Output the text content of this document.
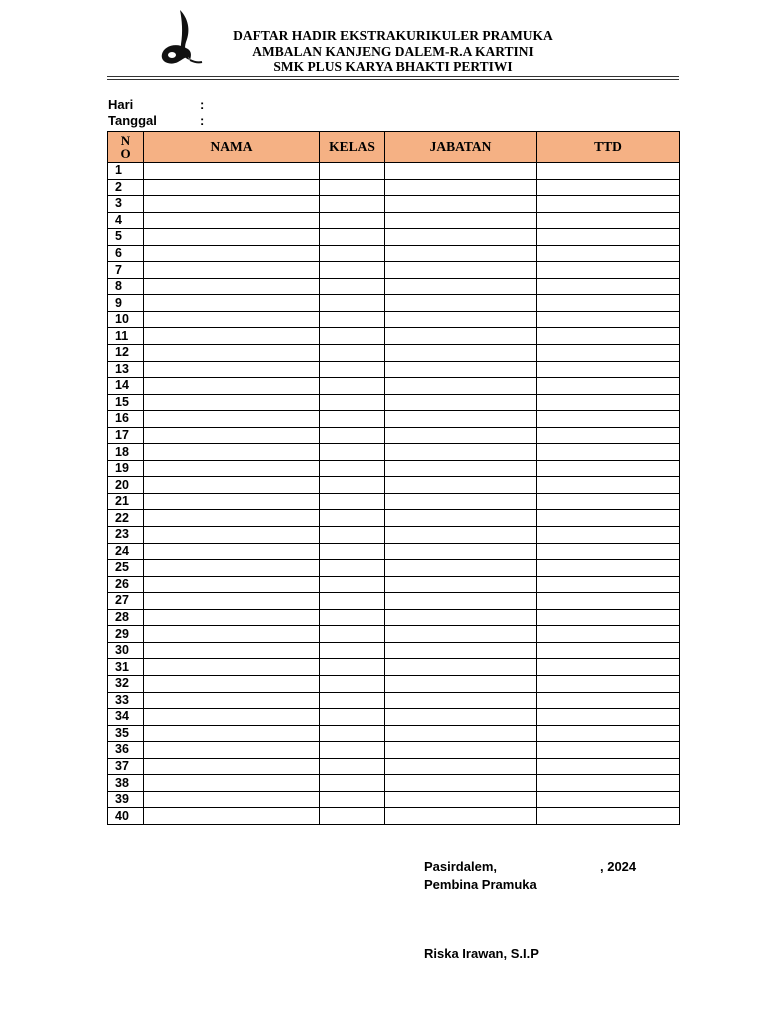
DAFTAR HADIR EKSTRAKURIKULER PRAMUKA
AMBALAN KANJENG DALEM-R.A KARTINI
SMK PLUS KARYA BHAKTI PERTIWI
Hari	:
Tanggal	:
N
O	NAMA	KELAS	JABATAN	TTD
1				
2				
3				
4				
5				
6				
7				
8				
9				
10				
11				
12				
13				
14				
15				
16				
17				
18				
19				
20				
21				
22				
23				
24				
25				
26				
27				
28				
29				
30				
31				
32				
33				
34				
35				
36				
37				
38				
39				
40				
Pasirdalem,	, 2024
Pembina Pramuka
Riska Irawan, S.I.P
